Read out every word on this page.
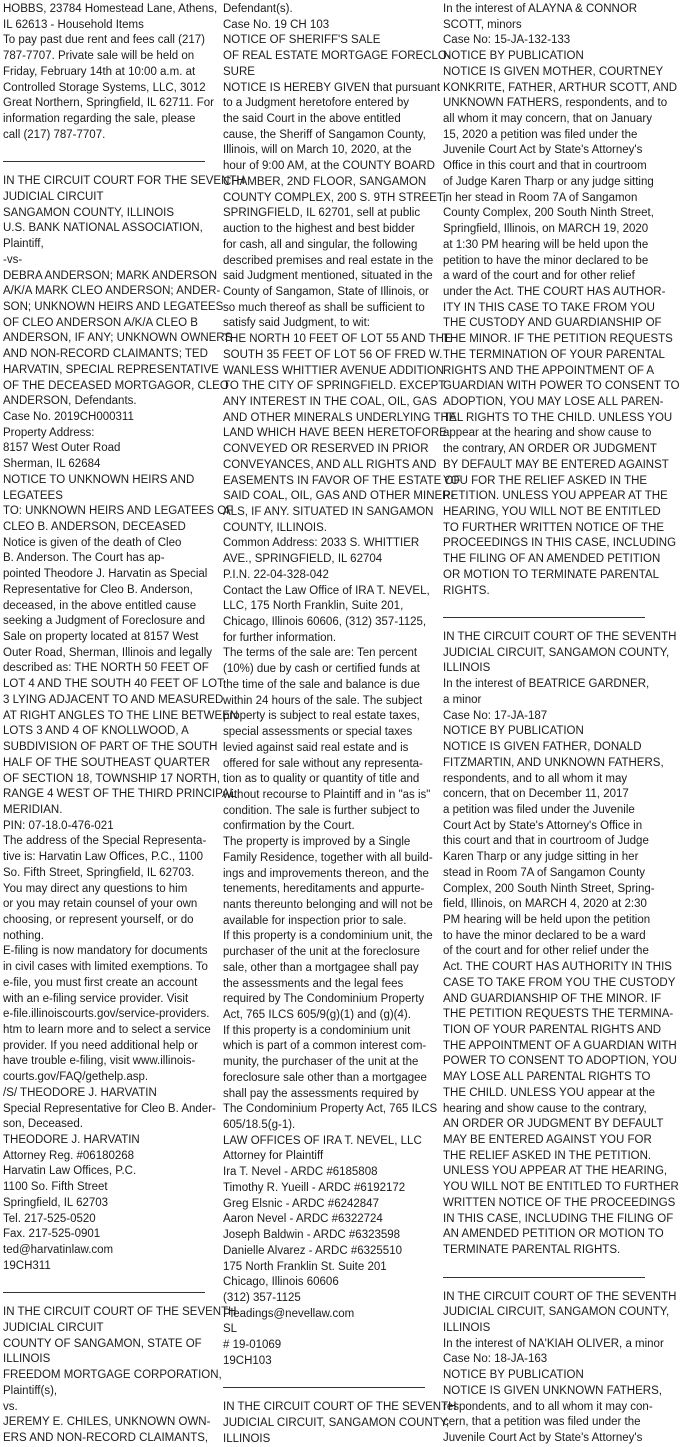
HOBBS, 23784 Homestead Lane, Athens,
IL 62613 - Household Items
To pay past due rent and fees call (217)
787-7707. Private sale will be held on
Friday, February 14th at 10:00 a.m. at
Controlled Storage Systems, LLC, 3012
Great Northern, Springfield, IL 62711. For
information regarding the sale, please
call (217) 787-7707.
IN THE CIRCUIT COURT FOR THE SEVENTH
JUDICIAL CIRCUIT
SANGAMON COUNTY, ILLINOIS
U.S. BANK NATIONAL ASSOCIATION,
Plaintiff,
-vs-
DEBRA ANDERSON; MARK ANDERSON
A/K/A MARK CLEO ANDERSON; ANDER-
SON; UNKNOWN HEIRS AND LEGATEES
OF CLEO ANDERSON A/K/A CLEO B
ANDERSON, IF ANY; UNKNOWN OWNERS
AND NON-RECORD CLAIMANTS; TED
HARVATIN, SPECIAL REPRESENTATIVE
OF THE DECEASED MORTGAGOR, CLEO
ANDERSON, Defendants.
Case No. 2019CH000311
Property Address:
8157 West Outer Road
Sherman, IL 62684
NOTICE TO UNKNOWN HEIRS AND
LEGATEES
TO: UNKNOWN HEIRS AND LEGATEES OF
CLEO B. ANDERSON, DECEASED
Notice is given of the death of Cleo
B. Anderson. The Court has ap-
pointed Theodore J. Harvatin as Special
Representative for Cleo B. Anderson,
deceased, in the above entitled cause
seeking a Judgment of Foreclosure and
Sale on property located at 8157 West
Outer Road, Sherman, Illinois and legally
described as: THE NORTH 50 FEET OF
LOT 4 AND THE SOUTH 40 FEET OF LOT
3 LYING ADJACENT TO AND MEASURED
AT RIGHT ANGLES TO THE LINE BETWEEN
LOTS 3 AND 4 OF KNOLLWOOD, A
SUBDIVISION OF PART OF THE SOUTH
HALF OF THE SOUTHEAST QUARTER
OF SECTION 18, TOWNSHIP 17 NORTH,
RANGE 4 WEST OF THE THIRD PRINCIPAL
MERIDIAN.
PIN: 07-18.0-476-021
The address of the Special Representa-
tive is: Harvatin Law Offices, P.C., 1100
So. Fifth Street, Springfield, IL 62703.
You may direct any questions to him
or you may retain counsel of your own
choosing, or represent yourself, or do
nothing.
E-filing is now mandatory for documents
in civil cases with limited exemptions. To
e-file, you must first create an account
with an e-filing service provider. Visit
e-file.illinoiscourts.gov/service-providers.
htm to learn more and to select a service
provider. If you need additional help or
have trouble e-filing, visit www.illinois-
courts.gov/FAQ/gethelp.asp.
/S/ THEODORE J. HARVATIN
Special Representative for Cleo B. Ander-
son, Deceased.
THEODORE J. HARVATIN
Attorney Reg. #06180268
Harvatin Law Offices, P.C.
1100 So. Fifth Street
Springfield, IL 62703
Tel. 217-525-0520
Fax. 217-525-0901
ted@harvatinlaw.com
19CH311
IN THE CIRCUIT COURT OF THE SEVENTH
JUDICIAL CIRCUIT
COUNTY OF SANGAMON, STATE OF
ILLINOIS
FREEDOM MORTGAGE CORPORATION,
Plaintiff(s),
vs.
JEREMY E. CHILES, UNKNOWN OWN-
ERS AND NON-RECORD CLAIMANTS,
Defendant(s).
Case No. 19 CH 103
NOTICE OF SHERIFF'S SALE
OF REAL ESTATE MORTGAGE FORECLO-
SURE
NOTICE IS HEREBY GIVEN that pursuant
to a Judgment heretofore entered by
the said Court in the above entitled
cause, the Sheriff of Sangamon County,
Illinois, will on March 10, 2020, at the
hour of 9:00 AM, at the COUNTY BOARD
CHAMBER, 2ND FLOOR, SANGAMON
COUNTY COMPLEX, 200 S. 9TH STREET,
SPRINGFIELD, IL 62701, sell at public
auction to the highest and best bidder
for cash, all and singular, the following
described premises and real estate in the
said Judgment mentioned, situated in the
County of Sangamon, State of Illinois, or
so much thereof as shall be sufficient to
satisfy said Judgment, to wit:
THE NORTH 10 FEET OF LOT 55 AND THE
SOUTH 35 FEET OF LOT 56 OF FRED W.
WANLESS WHITTIER AVENUE ADDITION
TO THE CITY OF SPRINGFIELD. EXCEPT
ANY INTEREST IN THE COAL, OIL, GAS
AND OTHER MINERALS UNDERLYING THE
LAND WHICH HAVE BEEN HERETOFORE
CONVEYED OR RESERVED IN PRIOR
CONVEYANCES, AND ALL RIGHTS AND
EASEMENTS IN FAVOR OF THE ESTATE OF
SAID COAL, OIL, GAS AND OTHER MINER-
ALS, IF ANY. SITUATED IN SANGAMON
COUNTY, ILLINOIS.
Common Address: 2033 S. WHITTIER
AVE., SPRINGFIELD, IL 62704
P.I.N. 22-04-328-042
Contact the Law Office of IRA T. NEVEL,
LLC, 175 North Franklin, Suite 201,
Chicago, Illinois 60606, (312) 357-1125,
for further information.
The terms of the sale are: Ten percent
(10%) due by cash or certified funds at
the time of the sale and balance is due
within 24 hours of the sale. The subject
property is subject to real estate taxes,
special assessments or special taxes
levied against said real estate and is
offered for sale without any representa-
tion as to quality or quantity of title and
without recourse to Plaintiff and in "as is"
condition. The sale is further subject to
confirmation by the Court.
The property is improved by a Single
Family Residence, together with all build-
ings and improvements thereon, and the
tenements, hereditaments and appurte-
nants thereunto belonging and will not be
available for inspection prior to sale.
If this property is a condominium unit, the
purchaser of the unit at the foreclosure
sale, other than a mortgagee shall pay
the assessments and the legal fees
required by The Condominium Property
Act, 765 ILCS 605/9(g)(1) and (g)(4).
If this property is a condominium unit
which is part of a common interest com-
munity, the purchaser of the unit at the
foreclosure sale other than a mortgagee
shall pay the assessments required by
The Condominium Property Act, 765 ILCS
605/18.5(g-1).
LAW OFFICES OF IRA T. NEVEL, LLC
Attorney for Plaintiff
Ira T. Nevel - ARDC #6185808
Timothy R. Yueill - ARDC #6192172
Greg Elsnic - ARDC #6242847
Aaron Nevel - ARDC #6322724
Joseph Baldwin - ARDC #6323598
Danielle Alvarez - ARDC #6325510
175 North Franklin St. Suite 201
Chicago, Illinois 60606
(312) 357-1125
Pleadings@nevellaw.com
SL
# 19-01069
19CH103
IN THE CIRCUIT COURT OF THE SEVENTH
JUDICIAL CIRCUIT, SANGAMON COUNTY,
ILLINOIS
In the interest of ALAYNA & CONNOR
SCOTT, minors
Case No: 15-JA-132-133
NOTICE BY PUBLICATION
NOTICE IS GIVEN MOTHER, COURTNEY
KONKRITE, FATHER, ARTHUR SCOTT, AND
UNKNOWN FATHERS, respondents, and to
all whom it may concern, that on January
15, 2020 a petition was filed under the
Juvenile Court Act by State's Attorney's
Office in this court and that in courtroom
of Judge Karen Tharp or any judge sitting
in her stead in Room 7A of Sangamon
County Complex, 200 South Ninth Street,
Springfield, Illinois, on MARCH 19, 2020
at 1:30 PM hearing will be held upon the
petition to have the minor declared to be
a ward of the court and for other relief
under the Act. THE COURT HAS AUTHOR-
ITY IN THIS CASE TO TAKE FROM YOU
THE CUSTODY AND GUARDIANSHIP OF
THE MINOR. IF THE PETITION REQUESTS
THE TERMINATION OF YOUR PARENTAL
RIGHTS AND THE APPOINTMENT OF A
GUARDIAN WITH POWER TO CONSENT TO
ADOPTION, YOU MAY LOSE ALL PAREN-
TAL RIGHTS TO THE CHILD. UNLESS YOU
appear at the hearing and show cause to
the contrary, AN ORDER OR JUDGMENT
BY DEFAULT MAY BE ENTERED AGAINST
YOU FOR THE RELIEF ASKED IN THE
PETITION. UNLESS YOU APPEAR AT THE
HEARING, YOU WILL NOT BE ENTITLED
TO FURTHER WRITTEN NOTICE OF THE
PROCEEDINGS IN THIS CASE, INCLUDING
THE FILING OF AN AMENDED PETITION
OR MOTION TO TERMINATE PARENTAL
RIGHTS.
IN THE CIRCUIT COURT OF THE SEVENTH
JUDICIAL CIRCUIT, SANGAMON COUNTY,
ILLINOIS
In the interest of BEATRICE GARDNER,
a minor
Case No: 17-JA-187
NOTICE BY PUBLICATION
NOTICE IS GIVEN FATHER, DONALD
FITZMARTIN, AND UNKNOWN FATHERS,
respondents, and to all whom it may
concern, that on December 11, 2017
a petition was filed under the Juvenile
Court Act by State's Attorney's Office in
this court and that in courtroom of Judge
Karen Tharp or any judge sitting in her
stead in Room 7A of Sangamon County
Complex, 200 South Ninth Street, Spring-
field, Illinois, on MARCH 4, 2020 at 2:30
PM hearing will be held upon the petition
to have the minor declared to be a ward
of the court and for other relief under the
Act. THE COURT HAS AUTHORITY IN THIS
CASE TO TAKE FROM YOU THE CUSTODY
AND GUARDIANSHIP OF THE MINOR. IF
THE PETITION REQUESTS THE TERMINA-
TION OF YOUR PARENTAL RIGHTS AND
THE APPOINTMENT OF A GUARDIAN WITH
POWER TO CONSENT TO ADOPTION, YOU
MAY LOSE ALL PARENTAL RIGHTS TO
THE CHILD. UNLESS YOU appear at the
hearing and show cause to the contrary,
AN ORDER OR JUDGMENT BY DEFAULT
MAY BE ENTERED AGAINST YOU FOR
THE RELIEF ASKED IN THE PETITION.
UNLESS YOU APPEAR AT THE HEARING,
YOU WILL NOT BE ENTITLED TO FURTHER
WRITTEN NOTICE OF THE PROCEEDINGS
IN THIS CASE, INCLUDING THE FILING OF
AN AMENDED PETITION OR MOTION TO
TERMINATE PARENTAL RIGHTS.
IN THE CIRCUIT COURT OF THE SEVENTH
JUDICIAL CIRCUIT, SANGAMON COUNTY,
ILLINOIS
In the interest of NA'KIAH OLIVER, a minor
Case No: 18-JA-163
NOTICE BY PUBLICATION
NOTICE IS GIVEN UNKNOWN FATHERS,
respondents, and to all whom it may con-
cern, that a petition was filed under the
Juvenile Court Act by State's Attorney's
